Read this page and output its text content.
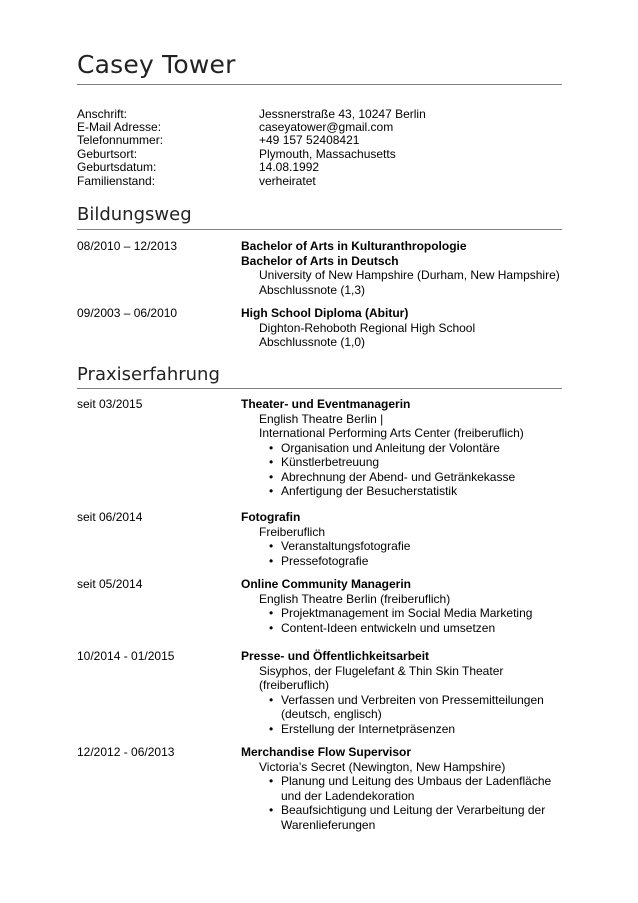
Casey Tower
Anschrift:	Jessnerstraße 43, 10247 Berlin
E-Mail Adresse:	caseyatower@gmail.com
Telefonnummer:	+49 157 52408421
Geburtsort:	Plymouth, Massachusetts
Geburtsdatum:	14.08.1992
Familienstand:	verheiratet
Bildungsweg
08/2010 – 12/2013	Bachelor of Arts in Kulturanthropologie
Bachelor of Arts in Deutsch
University of New Hampshire (Durham, New Hampshire)
Abschlussnote (1,3)
09/2003 – 06/2010	High School Diploma (Abitur)
Dighton-Rehoboth Regional High School
Abschlussnote (1,0)
Praxiserfahrung
seit 03/2015	Theater- und Eventmanagerin
English Theatre Berlin |
International Performing Arts Center (freiberuflich)
• Organisation und Anleitung der Volontäre
• Künstlerbetreuung
• Abrechnung der Abend- und Getränkekasse
• Anfertigung der Besucherstatistik
seit 06/2014	Fotografin
Freiberuflich
• Veranstaltungsfotografie
• Pressefotografie
seit 05/2014	Online Community Managerin
English Theatre Berlin (freiberuflich)
• Projektmanagement im Social Media Marketing
• Content-Ideen entwickeln und umsetzen
10/2014 - 01/2015	Presse- und Öffentlichkeitsarbeit
Sisyphos, der Flugelefant & Thin Skin Theater
(freiberuflich)
• Verfassen und Verbreiten von Pressemitteilungen
(deutsch, englisch)
• Erstellung der Internetpräsenzen
12/2012 - 06/2013	Merchandise Flow Supervisor
Victoria’s Secret (Newington, New Hampshire)
• Planung und Leitung des Umbaus der Ladenfläche
und der Ladendekoration
• Beaufsichtigung und Leitung der Verarbeitung der
Warenlieferungen
